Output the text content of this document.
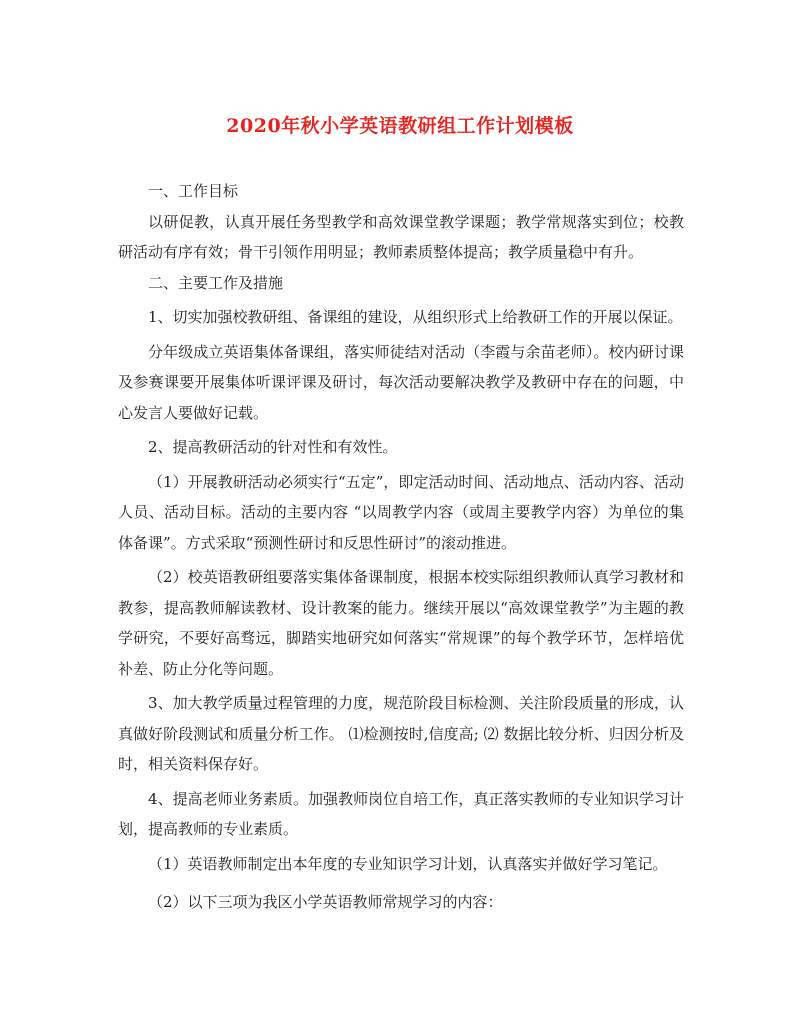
2020年秋小学英语教研组工作计划模板

一、工作目标

以研促教，认真开展任务型教学和高效课堂教学课题；教学常规落实到位；校教研活动有序有效；骨干引领作用明显；教师素质整体提高；教学质量稳中有升。

二、主要工作及措施

1、切实加强校教研组、备课组的建设，从组织形式上给教研工作的开展以保证。

分年级成立英语集体备课组，落实师徒结对活动（李霞与余苗老师）。校内研讨课及参赛课要开展集体听课评课及研讨，每次活动要解决教学及教研中存在的问题，中心发言人要做好记载。

2、提高教研活动的针对性和有效性。

（1）开展教研活动必须实行“五定”，即定活动时间、活动地点、活动内容、活动人员、活动目标。活动的主要内容 “以周教学内容（或周主要教学内容）为单位的集体备课”。方式采取“预测性研讨和反思性研讨”的滚动推进。

（2）校英语教研组要落实集体备课制度，根据本校实际组织教师认真学习教材和教参，提高教师解读教材、设计教案的能力。继续开展以“高效课堂教学”为主题的教学研究，不要好高骛远，脚踏实地研究如何落实“常规课”的每个教学环节，怎样培优补差、防止分化等问题。

3、加大教学质量过程管理的力度，规范阶段目标检测、关注阶段质量的形成，认真做好阶段测试和质量分析工作。 ⑴检测按时,信度高; ⑵ 数据比较分析、归因分析及时，相关资料保存好。

4、提高老师业务素质。加强教师岗位自培工作，真正落实教师的专业知识学习计划，提高教师的专业素质。

（1）英语教师制定出本年度的专业知识学习计划，认真落实并做好学习笔记。

（2）以下三项为我区小学英语教师常规学习的内容：
